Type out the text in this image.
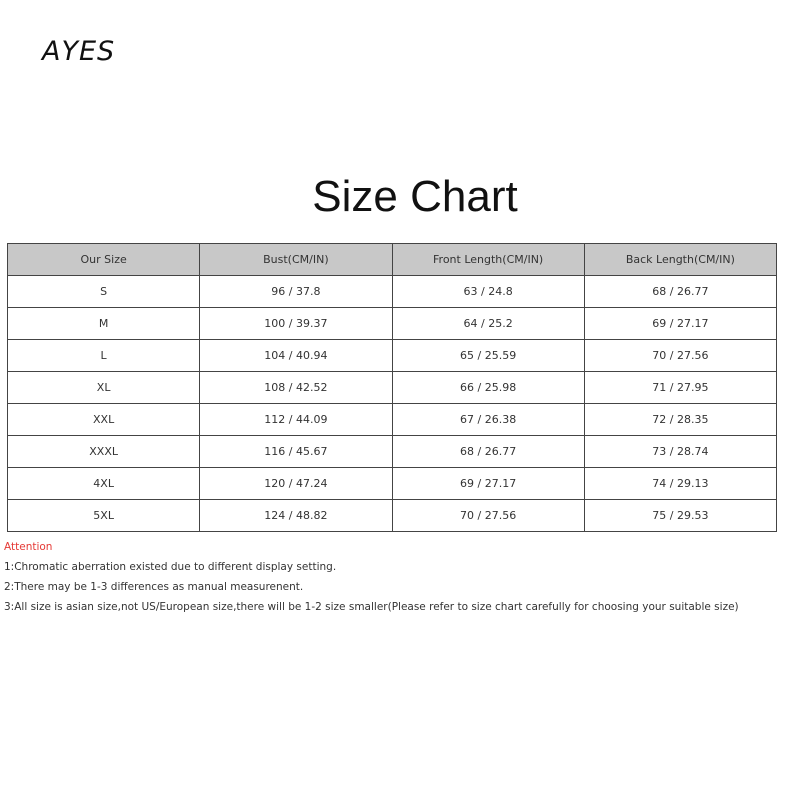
AYES
Size Chart
Our Size	Bust(CM/IN)	Front Length(CM/IN)	Back Length(CM/IN)
S	96 / 37.8	63 / 24.8	68 / 26.77
M	100 / 39.37	64 / 25.2	69 / 27.17
L	104 / 40.94	65 / 25.59	70 / 27.56
XL	108 / 42.52	66 / 25.98	71 / 27.95
XXL	112 / 44.09	67 / 26.38	72 / 28.35
XXXL	116 / 45.67	68 / 26.77	73 / 28.74
4XL	120 / 47.24	69 / 27.17	74 / 29.13
5XL	124 / 48.82	70 / 27.56	75 / 29.53
Attention
1:Chromatic aberration existed due to different display setting.
2:There may be 1-3 differences as manual measurenent.
3:All size is asian size,not US/European size,there will be 1-2 size smaller(Please refer to size chart carefully for choosing your suitable size)
